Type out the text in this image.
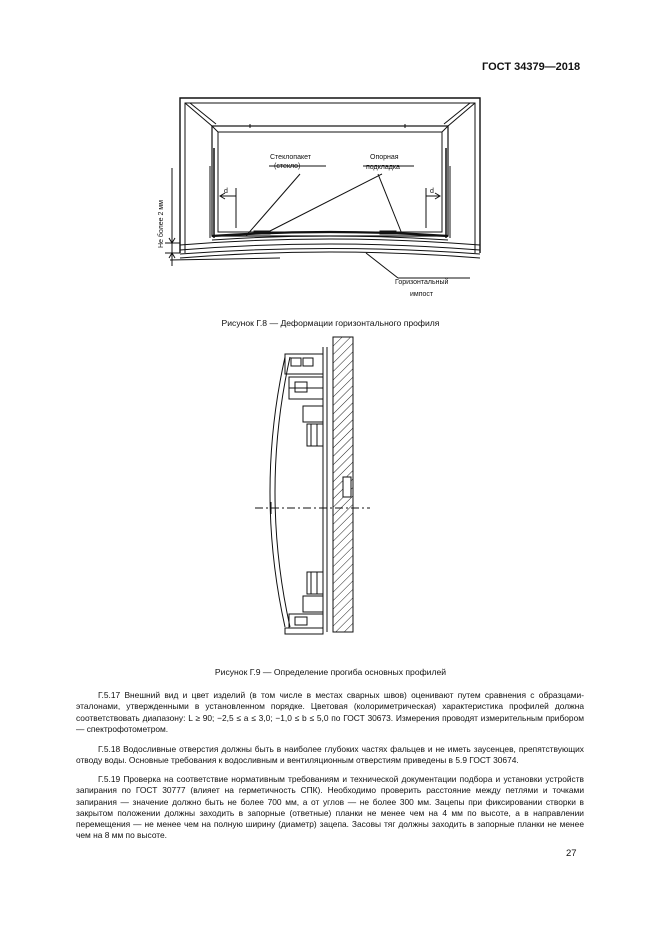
ГОСТ 34379—2018
Стеклопакет
(стекло)
Опорная
подкладка
d	d
Горизонтальный
импост
Не более 2 мм
Рисунок Г.8 — Деформации горизонтального профиля
Рисунок Г.9 — Определение прогиба основных профилей

Г.5.17 Внешний вид и цвет изделий (в том числе в местах сварных швов) оценивают путем сравнения с образцами-эталонами, утвержденными в установленном порядке. Цветовая (колориметрическая) характеристика профилей должна соответствовать диапазону: L ≥ 90; −2,5 ≤ a ≤ 3,0; −1,0 ≤ b ≤ 5,0 по ГОСТ 30673. Измерения проводят измерительным прибором — спектрофотометром.

Г.5.18 Водосливные отверстия должны быть в наиболее глубоких частях фальцев и не иметь заусенцев, препятствующих отводу воды. Основные требования к водосливным и вентиляционным отверстиям приведены в 5.9 ГОСТ 30674.

Г.5.19 Проверка на соответствие нормативным требованиям и технической документации подбора и установки устройств запирания по ГОСТ 30777 (влияет на герметичность СПК). Необходимо проверить расстояние между петлями и точками запирания — значение должно быть не более 700 мм, а от углов — не более 300 мм. Зацепы при фиксировании створки в закрытом положении должны заходить в запорные (ответные) планки не менее чем на 4 мм по высоте, а в направлении перемещения — не менее чем на полную ширину (диаметр) зацепа. Засовы тяг должны заходить в запорные планки не менее чем на 8 мм по высоте.

27
